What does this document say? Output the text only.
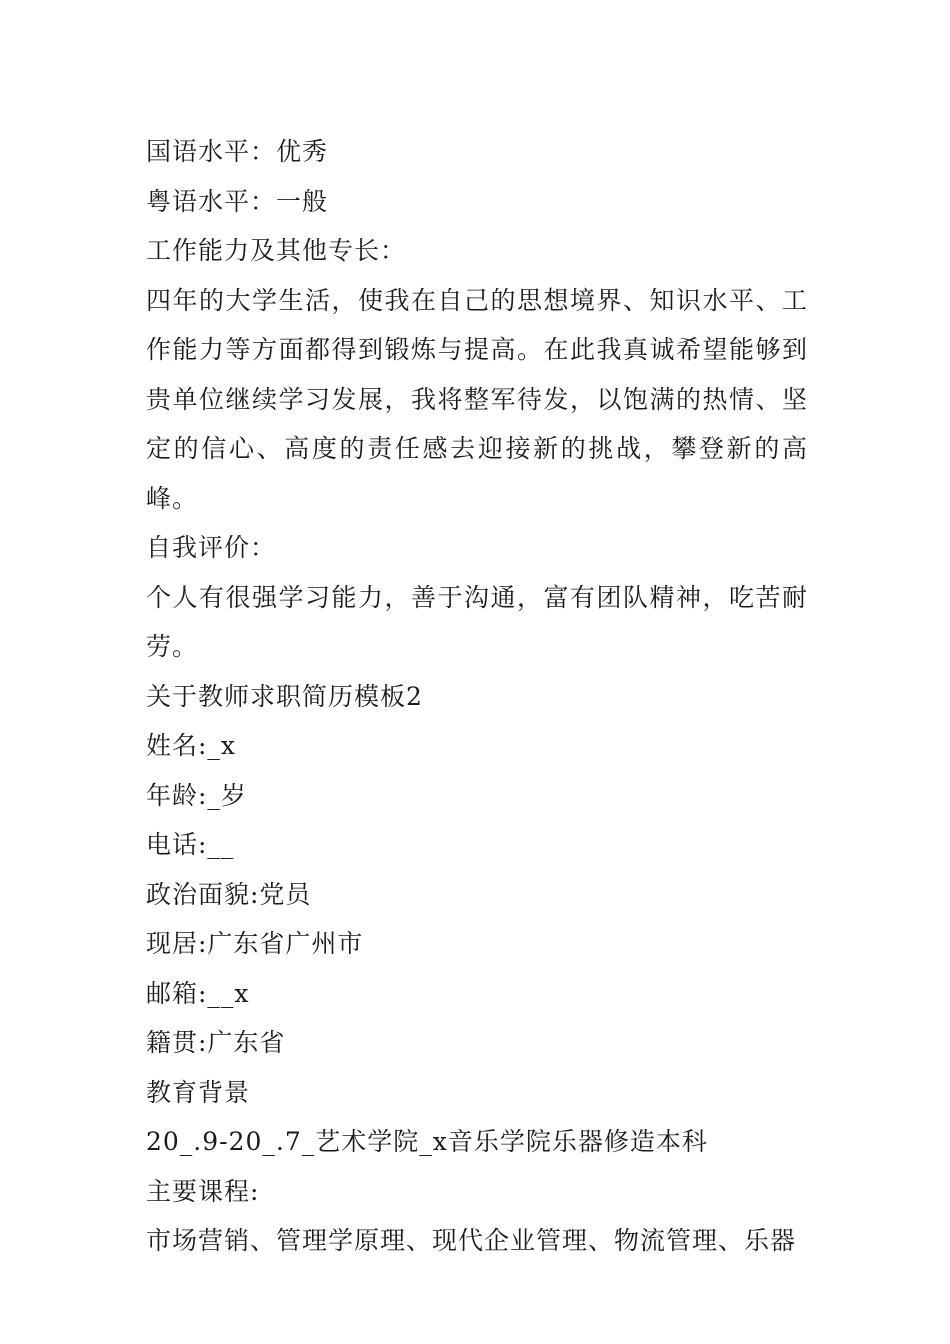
国语水平：优秀

粤语水平：一般

工作能力及其他专长：

四年的大学生活，使我在自己的思想境界、知识水平、工作能力等方面都得到锻炼与提高。在此我真诚希望能够到贵单位继续学习发展，我将整军待发，以饱满的热情、坚定的信心、高度的责任感去迎接新的挑战，攀登新的高峰。

自我评价：

个人有很强学习能力，善于沟通，富有团队精神，吃苦耐劳。

关于教师求职简历模板2

姓名:_x

年龄:_岁

电话:__

政治面貌:党员

现居:广东省广州市

邮箱:__x

籍贯:广东省

教育背景

20_.9-20_.7_艺术学院_x音乐学院乐器修造本科

主要课程:

市场营销、管理学原理、现代企业管理、物流管理、乐器
